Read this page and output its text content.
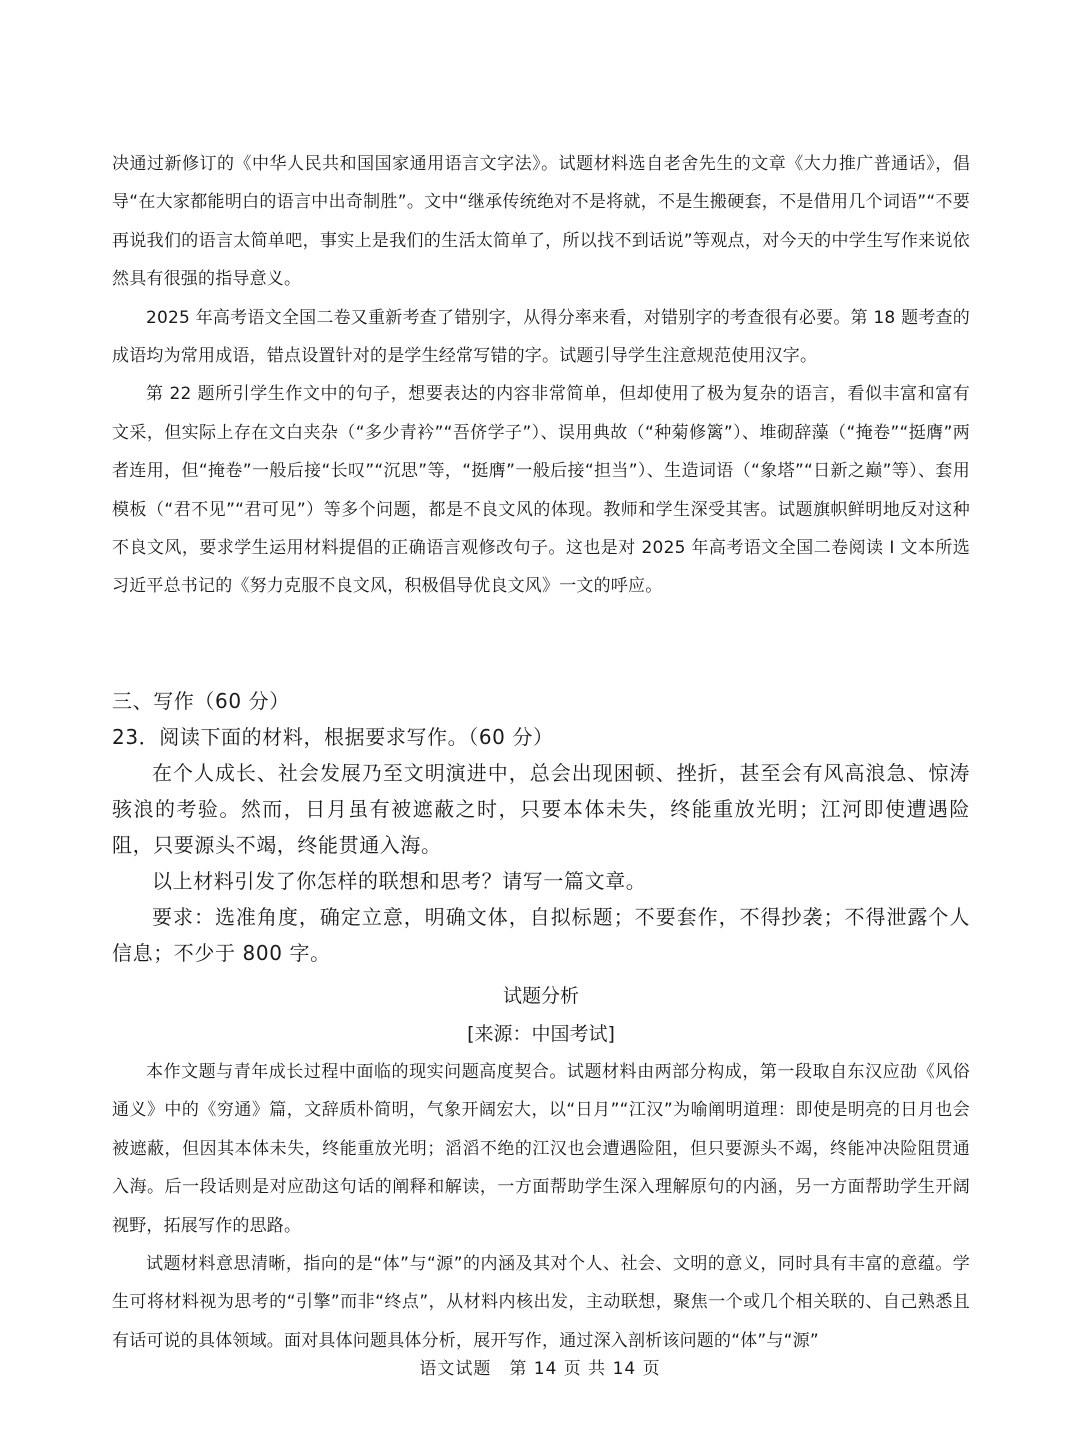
决通过新修订的《中华人民共和国国家通用语言文字法》。试题材料选自老舍先生的文章《大力推广普通话》，倡导“在大家都能明白的语言中出奇制胜”。文中“继承传统绝对不是将就，不是生搬硬套，不是借用几个词语”“不要再说我们的语言太简单吧，事实上是我们的生活太简单了，所以找不到话说”等观点，对今天的中学生写作来说依然具有很强的指导意义。

2025 年高考语文全国二卷又重新考查了错别字，从得分率来看，对错别字的考查很有必要。第 18 题考查的成语均为常用成语，错点设置针对的是学生经常写错的字。试题引导学生注意规范使用汉字。

第 22 题所引学生作文中的句子，想要表达的内容非常简单，但却使用了极为复杂的语言，看似丰富和富有文采，但实际上存在文白夹杂（“多少青衿”“吾侪学子”）、误用典故（“种菊修篱”）、堆砌辞藻（“掩卷”“挺膺”两者连用，但“掩卷”一般后接“长叹”“沉思”等，“挺膺”一般后接“担当”）、生造词语（“象塔”“日新之巅”等）、套用模板（“君不见”“君可见”）等多个问题，都是不良文风的体现。教师和学生深受其害。试题旗帜鲜明地反对这种不良文风，要求学生运用材料提倡的正确语言观修改句子。这也是对 2025 年高考语文全国二卷阅读 I 文本所选习近平总书记的《努力克服不良文风，积极倡导优良文风》一文的呼应。

三、写作（60 分）

23．阅读下面的材料，根据要求写作。（60 分）

在个人成长、社会发展乃至文明演进中，总会出现困顿、挫折，甚至会有风高浪急、惊涛骇浪的考验。然而，日月虽有被遮蔽之时，只要本体未失，终能重放光明；江河即使遭遇险阻，只要源头不竭，终能贯通入海。

以上材料引发了你怎样的联想和思考？请写一篇文章。

要求：选准角度，确定立意，明确文体，自拟标题；不要套作，不得抄袭；不得泄露个人信息；不少于 800 字。

试题分析

[来源：中国考试]

本作文题与青年成长过程中面临的现实问题高度契合。试题材料由两部分构成，第一段取自东汉应劭《风俗通义》中的《穷通》篇，文辞质朴简明，气象开阔宏大，以“日月”“江汉”为喻阐明道理：即使是明亮的日月也会被遮蔽，但因其本体未失，终能重放光明；滔滔不绝的江汉也会遭遇险阻，但只要源头不竭，终能冲决险阻贯通入海。后一段话则是对应劭这句话的阐释和解读，一方面帮助学生深入理解原句的内涵，另一方面帮助学生开阔视野，拓展写作的思路。

试题材料意思清晰，指向的是“体”与“源”的内涵及其对个人、社会、文明的意义，同时具有丰富的意蕴。学生可将材料视为思考的“引擎”而非“终点”，从材料内核出发，主动联想，聚焦一个或几个相关联的、自己熟悉且有话可说的具体领域。面对具体问题具体分析，展开写作，通过深入剖析该问题的“体”与“源”

语文试题　第 14 页 共 14 页
